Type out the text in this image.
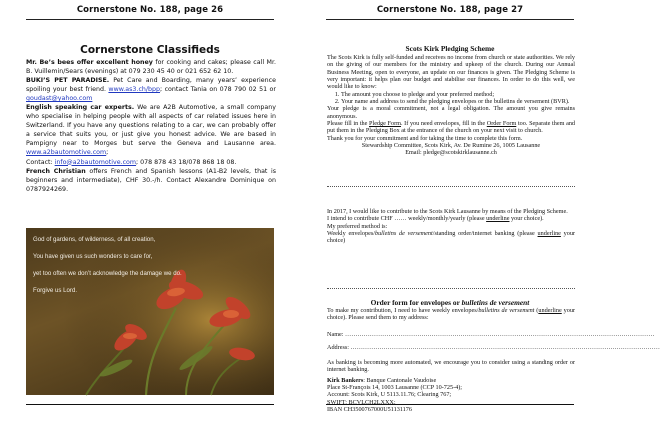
Cornerstone No. 188, page 26
Cornerstone Classifieds

Mr. Be’s bees offer excellent honey for cooking and cakes; please call Mr. B. Vuillemin/Sears (evenings) at 079 230 45 40 or 021 652 62 10.

BUKI’S PET PARADISE. Pet Care and Boarding, many years’ experience spoiling your best friend. www.as3.ch/bpp; contact Tania on 078 790 02 51 or goudast@yahoo.com

English speaking car experts. We are A2B Automotive, a small company who specialise in helping people with all aspects of car related issues here in Switzerland. If you have any questions relating to a car, we can probably offer a service that suits you, or just give you honest advice. We are based in Pampigny near to Morges but serve the Geneva and Lausanne area. www.a2bautomotive.com;
Contact: info@a2bautomotive.com; 078 878 43 18/078 868 18 08.

French Christian offers French and Spanish lessons (A1-B2 levels, that is beginners and intermediate), CHF 30.-/h. Contact Alexandre Dominique on 0787924269.

God of gardens, of wilderness, of all creation,
You have given us such wonders to care for,
yet too often we don’t acknowledge the damage we do.
Forgive us Lord.
Cornerstone No. 188, page 27
Scots Kirk Pledging Scheme

The Scots Kirk is fully self-funded and receives no income from church or state authorities. We rely on the giving of our members for the ministry and upkeep of the church. During our Annual Business Meeting, open to everyone, an update on our finances is given. The Pledging Scheme is very important: it helps plan our budget and stabilise our finances. In order to do this well, we would like to know:

1. The amount you choose to pledge and your preferred method;
2. Your name and address to send the pledging envelopes or the bulletins de versement (BVR).

Your pledge is a moral commitment, not a legal obligation. The amount you give remains anonymous.

Please fill in the Pledge Form. If you need envelopes, fill in the Order Form too. Separate them and put them in the Pledging Box at the entrance of the church on your next visit to church.

Thank you for your commitment and for taking the time to complete this form.

Stewardship Committee, Scots Kirk, Av. De Rumine 26, 1005 Lausanne

Email: pledge@scotskirklausanne.ch

In 2017, I would like to contribute to the Scots Kirk Lausanne by means of the Pledging Scheme.

I intend to contribute CHF …… weekly/monthly/yearly (please underline your choice).

My preferred method is:

Weekly envelopes/bulletins de versement/standing order/internet banking (please underline your choice)

Order form for envelopes or bulletins de versement

To make my contribution, I need to have weekly envelopes/bulletins de versement (underline your choice). Please send them to my address:

Name: ……………………………………………………………………………………………………………………………………
Address: ……………………………………………………………………………………………………………………………………

As banking is becoming more automated, we encourage you to consider using a standing order or internet banking.

Kirk Bankers: Banque Cantonale Vaudoise

Place St-François 14, 1003 Lausanne (CCP 10-725-4);

Account: Scots Kirk, U 5113.11.76; Clearing 767;

SWIFT: BCVLCH2LXXX;

IBAN CH3500767000U51131176
